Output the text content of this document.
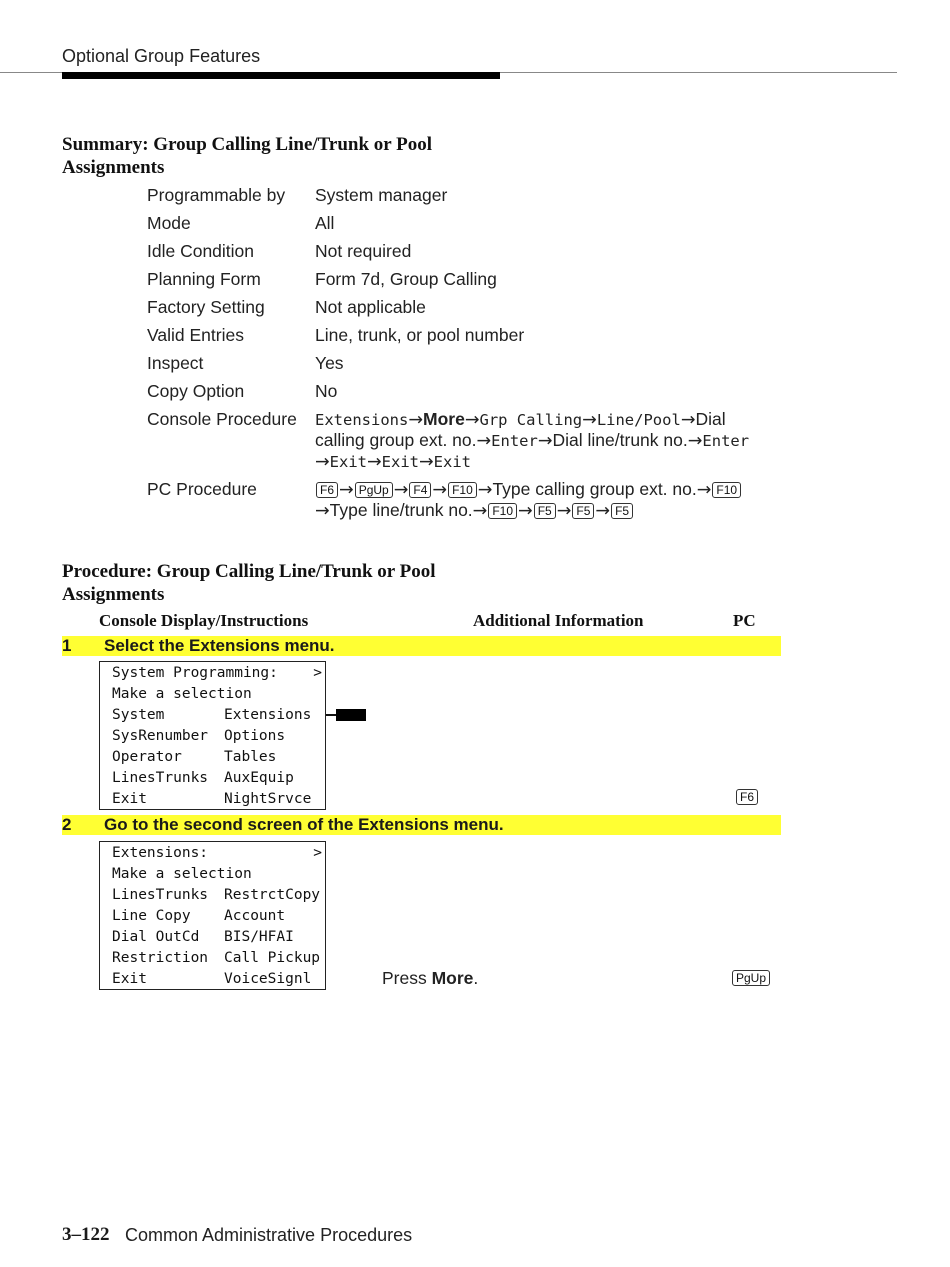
Optional Group Features
Summary: Group Calling Line/Trunk or Pool
Assignments
Programmable by System manager
Mode	All
Idle Condition	Not required
Planning Form	Form 7d, Group Calling
Factory Setting	Not applicable
Valid Entries	Line, trunk, or pool number
Inspect	Yes
Copy Option	No
Console Procedure Extensions→More→Grp Calling→Line/Pool→Dial
calling group ext. no.→Enter→Dial line/trunk no.→Enter
→Exit→Exit→Exit
PC Procedure	F6 → PgUp → F4 → F10 →Type calling group ext. no.→ F10
→Type line/trunk no.→ F10 → F5 → F5 → F5
Procedure: Group Calling Line/Trunk or Pool
Assignments
Console Display/Instructions	Additional Information	PC
1 Select the Extensions menu.
System Programming: >
Make a selection
System	Extensions
SysRenumber Options
Operator	Tables
LinesTrunks AuxEquip
Exit	NightSrvce	F6
2 Go to the second screen of the Extensions menu.
Extensions:	>
Make a selection
LinesTrunks RestrctCopy
Line Copy Account
Dial OutCd BIS/HFAI
Restriction Call Pickup
Exit	VoiceSignl	Press More.	PgUp
3–122 Common Administrative Procedures
